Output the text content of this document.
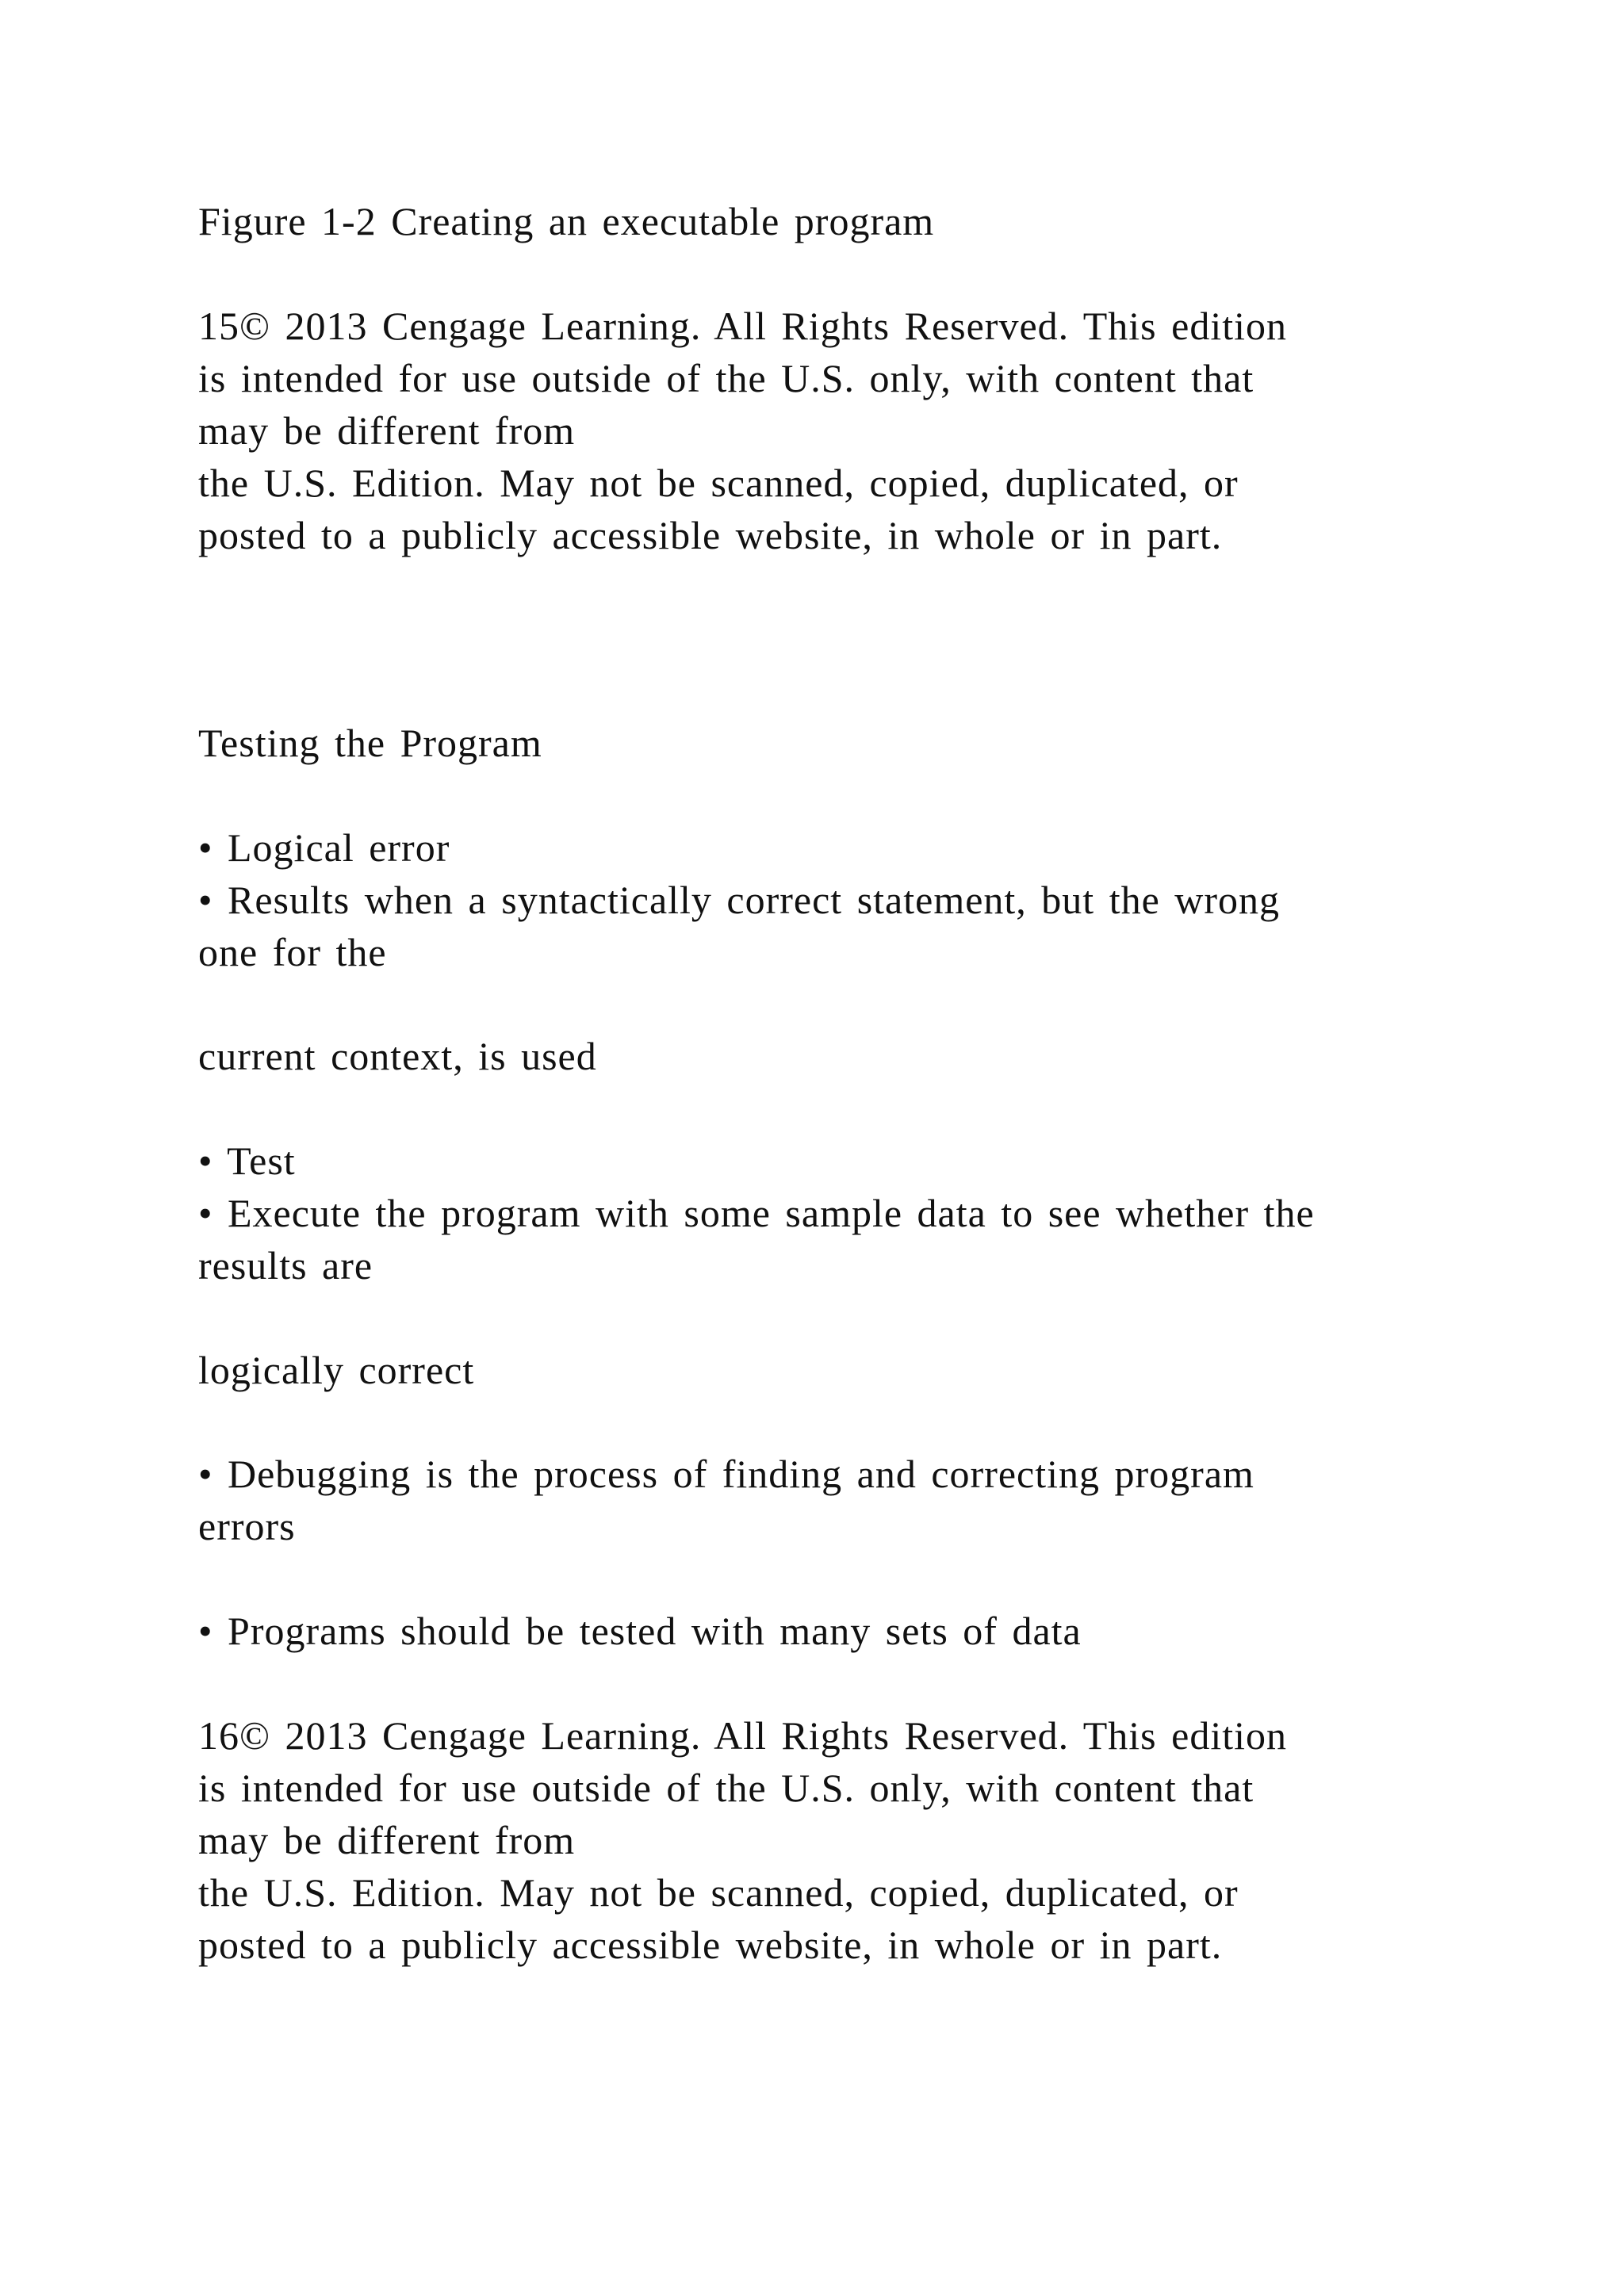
Figure 1-2 Creating an executable program
15© 2013 Cengage Learning. All Rights Reserved. This edition
is intended for use outside of the U.S. only, with content that
may be different from
the U.S. Edition. May not be scanned, copied, duplicated, or
posted to a publicly accessible website, in whole or in part.
Testing the Program
• Logical error
• Results when a syntactically correct statement, but the wrong
one for the
current context, is used
• Test
• Execute the program with some sample data to see whether the
results are
logically correct
• Debugging is the process of finding and correcting program
errors
• Programs should be tested with many sets of data
16© 2013 Cengage Learning. All Rights Reserved. This edition
is intended for use outside of the U.S. only, with content that
may be different from
the U.S. Edition. May not be scanned, copied, duplicated, or
posted to a publicly accessible website, in whole or in part.
